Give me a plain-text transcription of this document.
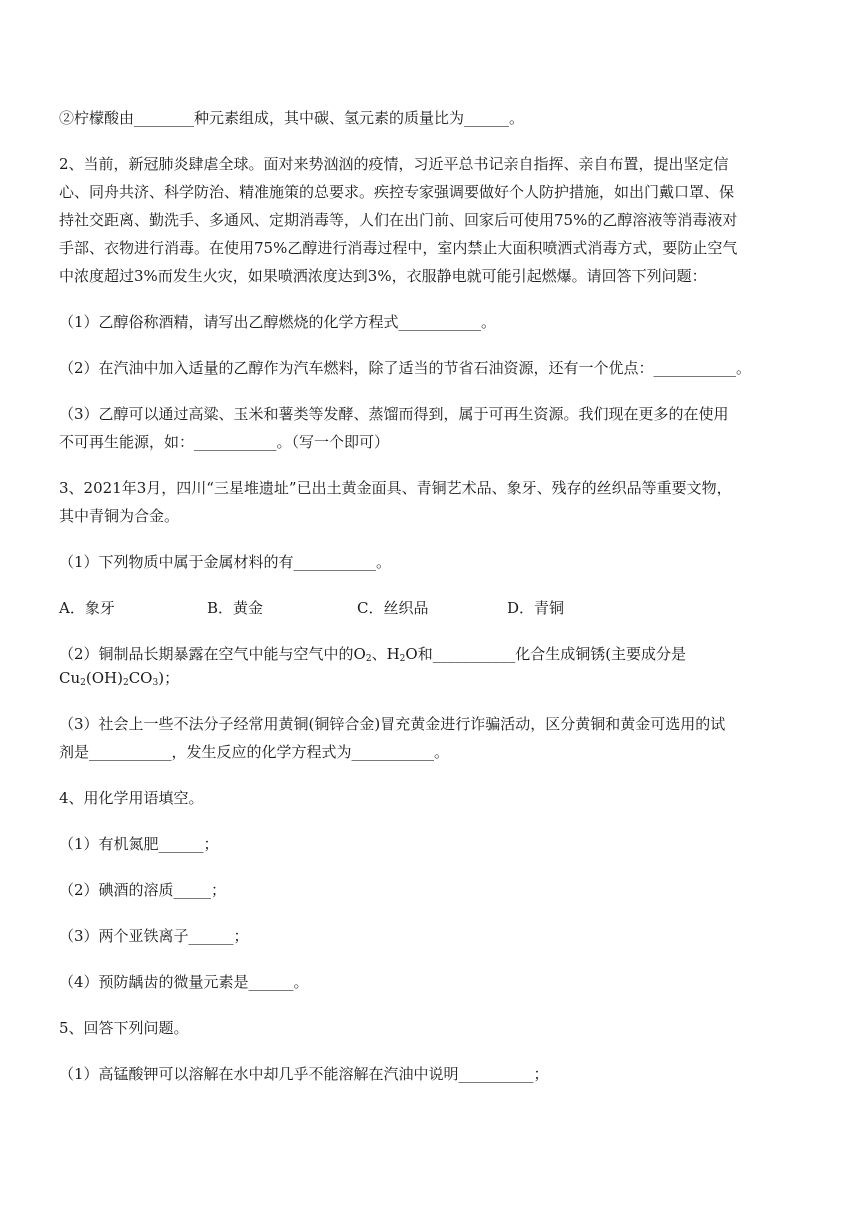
②柠檬酸由________种元素组成，其中碳、氢元素的质量比为______。
2、当前，新冠肺炎肆虐全球。面对来势汹汹的疫情，习近平总书记亲自指挥、亲自布置，提出坚定信
心、同舟共济、科学防治、精准施策的总要求。疾控专家强调要做好个人防护措施，如出门戴口罩、保
持社交距离、勤洗手、多通风、定期消毒等，人们在出门前、回家后可使用75%的乙醇溶液等消毒液对
手部、衣物进行消毒。在使用75%乙醇进行消毒过程中，室内禁止大面积喷洒式消毒方式，要防止空气
中浓度超过3%而发生火灾，如果喷洒浓度达到3%，衣服静电就可能引起燃爆。请回答下列问题：
（1）乙醇俗称酒精，请写出乙醇燃烧的化学方程式___________。
（2）在汽油中加入适量的乙醇作为汽车燃料，除了适当的节省石油资源，还有一个优点：___________。
（3）乙醇可以通过高粱、玉米和薯类等发酵、蒸馏而得到，属于可再生资源。我们现在更多的在使用
不可再生能源，如：___________。（写一个即可）
3、2021年3月，四川“三星堆遗址”已出土黄金面具、青铜艺术品、象牙、残存的丝织品等重要文物，
其中青铜为合金。
（1）下列物质中属于金属材料的有___________。
A．象牙	B．黄金	C．丝织品	D．青铜
（2）铜制品长期暴露在空气中能与空气中的$O_2$、$H_2O$和___________化合生成铜锈(主要成分是
$Cu_2(OH)_2CO_3$)；
（3）社会上一些不法分子经常用黄铜(铜锌合金)冒充黄金进行诈骗活动，区分黄铜和黄金可选用的试
剂是___________，发生反应的化学方程式为___________。
4、用化学用语填空。
（1）有机氮肥______；
（2）碘酒的溶质_____；
（3）两个亚铁离子______；
（4）预防龋齿的微量元素是______。
5、回答下列问题。
（1）高锰酸钾可以溶解在水中却几乎不能溶解在汽油中说明__________；
